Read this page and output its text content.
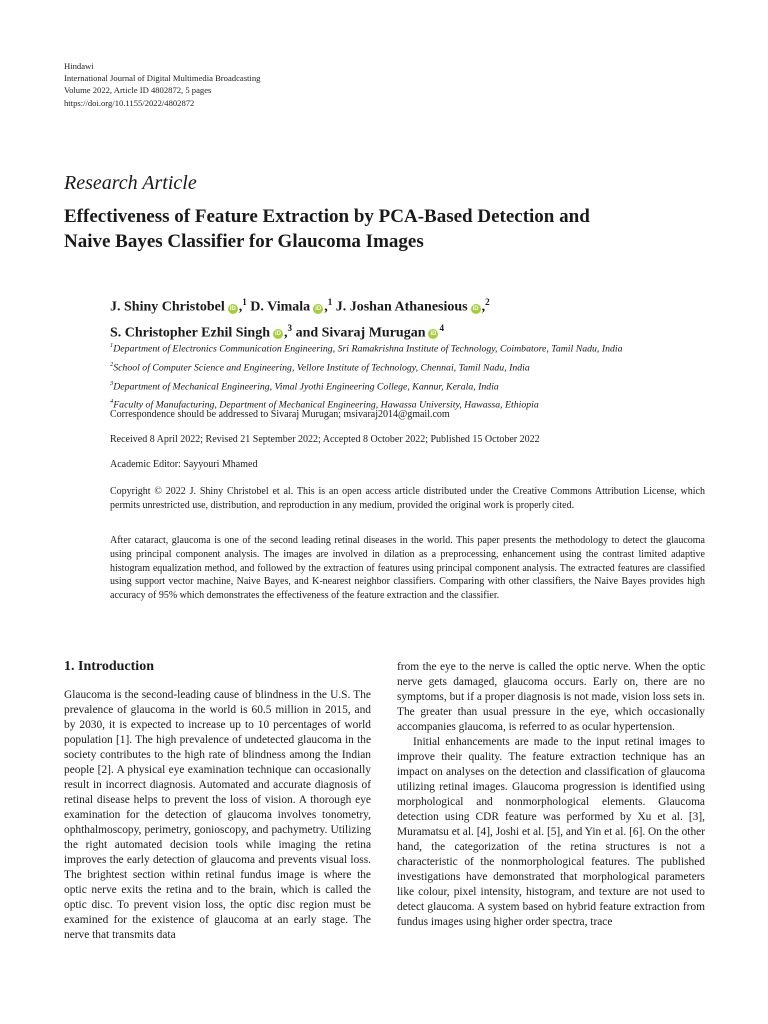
Hindawi
International Journal of Digital Multimedia Broadcasting
Volume 2022, Article ID 4802872, 5 pages
https://doi.org/10.1155/2022/4802872
Research Article
Effectiveness of Feature Extraction by PCA-Based Detection and
Naive Bayes Classifier for Glaucoma Images
J. Shiny Christobel iD ,$^1$ D. Vimala iD ,$^1$ J. Joshan Athanesious iD ,$^2$
S. Christopher Ezhil Singh iD ,$^3$ and Sivaraj Murugan $iD^4$
$^1$Department of Electronics Communication Engineering, Sri Ramakrishna Institute of Technology, Coimbatore, Tamil Nadu, India
$^2$School of Computer Science and Engineering, Vellore Institute of Technology, Chennai, Tamil Nadu, India
$^3$Department of Mechanical Engineering, Vimal Jyothi Engineering College, Kannur, Kerala, India
$^4$Faculty of Manufacturing, Department of Mechanical Engineering, Hawassa University, Hawassa, Ethiopia
Correspondence should be addressed to Sivaraj Murugan; msivaraj2014@gmail.com
Received 8 April 2022; Revised 21 September 2022; Accepted 8 October 2022; Published 15 October 2022
Academic Editor: Sayyouri Mhamed
Copyright © 2022 J. Shiny Christobel et al. This is an open access article distributed under the Creative Commons Attribution License, which permits unrestricted use, distribution, and reproduction in any medium, provided the original work is properly cited.
After cataract, glaucoma is one of the second leading retinal diseases in the world. This paper presents the methodology to detect the glaucoma using principal component analysis. The images are involved in dilation as a preprocessing, enhancement using the contrast limited adaptive histogram equalization method, and followed by the extraction of features using principal component analysis. The extracted features are classified using support vector machine, Naive Bayes, and K-nearest neighbor classifiers. Comparing with other classifiers, the Naive Bayes provides high accuracy of 95% which demonstrates the effectiveness of the feature extraction and the classifier.
1. Introduction

Glaucoma is the second-leading cause of blindness in the U.S. The prevalence of glaucoma in the world is 60.5 million in 2015, and by 2030, it is expected to increase up to 10 percentages of world population [1]. The high prevalence of undetected glaucoma in the society contributes to the high rate of blindness among the Indian people [2]. A physical eye examination technique can occasionally result in incorrect diagnosis. Automated and accurate diagnosis of retinal disease helps to prevent the loss of vision. A thorough eye examination for the detection of glaucoma involves tonometry, ophthalmoscopy, perimetry, gonioscopy, and pachymetry. Utilizing the right automated decision tools while imaging the retina improves the early detection of glaucoma and prevents visual loss. The brightest section within retinal fundus image is where the optic nerve exits the retina and to the brain, which is called the optic disc. To prevent vision loss, the optic disc region must be examined for the existence of glaucoma at an early stage. The nerve that transmits data

from the eye to the nerve is called the optic nerve. When the optic nerve gets damaged, glaucoma occurs. Early on, there are no symptoms, but if a proper diagnosis is not made, vision loss sets in. The greater than usual pressure in the eye, which occasionally accompanies glaucoma, is referred to as ocular hypertension.

Initial enhancements are made to the input retinal images to improve their quality. The feature extraction technique has an impact on analyses on the detection and classification of glaucoma utilizing retinal images. Glaucoma progression is identified using morphological and nonmorphological elements. Glaucoma detection using CDR feature was performed by Xu et al. [3], Muramatsu et al. [4], Joshi et al. [5], and Yin et al. [6]. On the other hand, the categorization of the retina structures is not a characteristic of the nonmorphological features. The published investigations have demonstrated that morphological parameters like colour, pixel intensity, histogram, and texture are not used to detect glaucoma. A system based on hybrid feature extraction from fundus images using higher order spectra, trace
